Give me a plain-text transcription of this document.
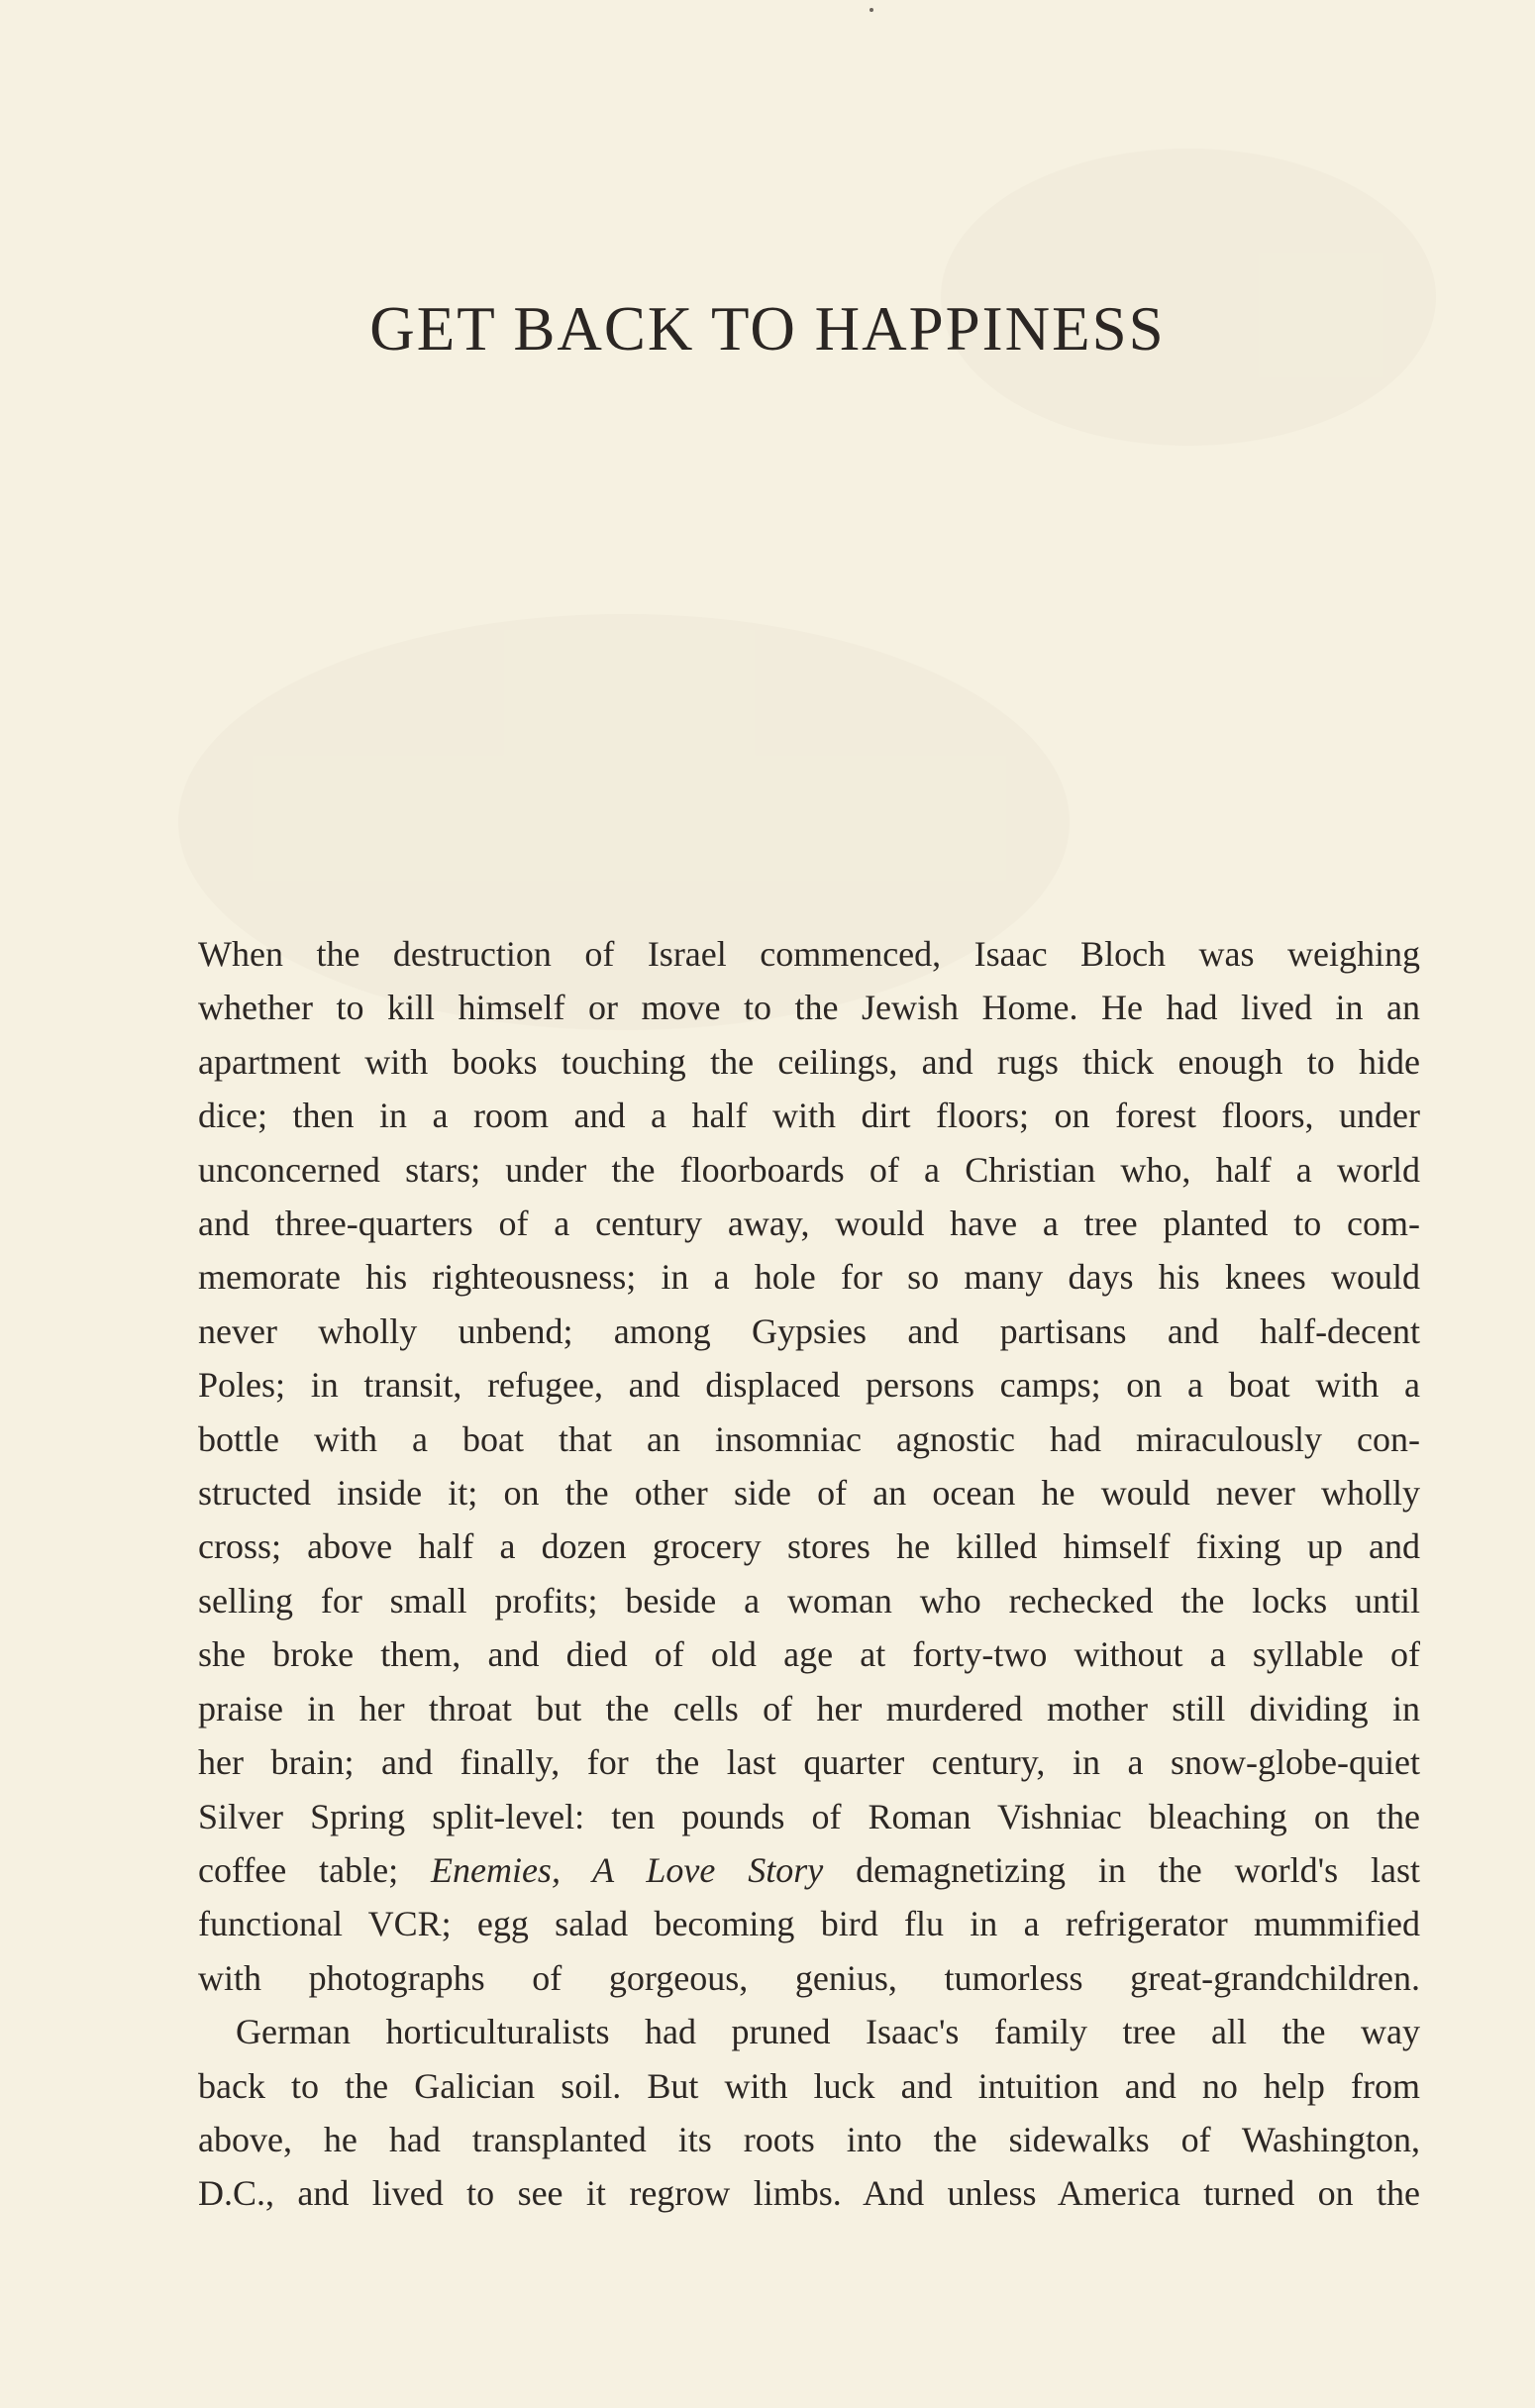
GET BACK TO HAPPINESS
When the destruction of Israel commenced, Isaac Bloch was weighing
whether to kill himself or move to the Jewish Home. He had lived in an
apartment with books touching the ceilings, and rugs thick enough to hide
dice; then in a room and a half with dirt floors; on forest floors, under
unconcerned stars; under the floorboards of a Christian who, half a world
and three-quarters of a century away, would have a tree planted to com-
memorate his righteousness; in a hole for so many days his knees would
never wholly unbend; among Gypsies and partisans and half-decent
Poles; in transit, refugee, and displaced persons camps; on a boat with a
bottle with a boat that an insomniac agnostic had miraculously con-
structed inside it; on the other side of an ocean he would never wholly
cross; above half a dozen grocery stores he killed himself fixing up and
selling for small profits; beside a woman who rechecked the locks until
she broke them, and died of old age at forty-two without a syllable of
praise in her throat but the cells of her murdered mother still dividing in
her brain; and finally, for the last quarter century, in a snow-globe-quiet
Silver Spring split-level: ten pounds of Roman Vishniac bleaching on the
coffee table; Enemies, A Love Story demagnetizing in the world's last
functional VCR; egg salad becoming bird flu in a refrigerator mummified
with photographs of gorgeous, genius, tumorless great-grandchildren.
German horticulturalists had pruned Isaac's family tree all the way
back to the Galician soil. But with luck and intuition and no help from
above, he had transplanted its roots into the sidewalks of Washington,
D.C., and lived to see it regrow limbs. And unless America turned on the
